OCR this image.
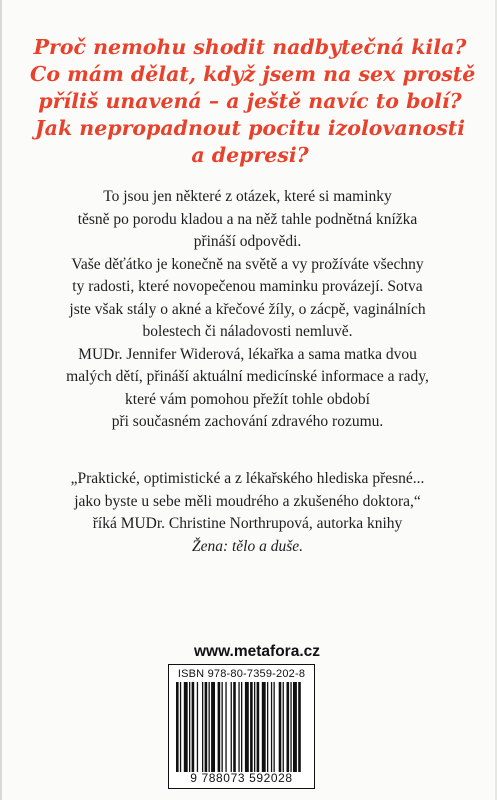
Proč nemohu shodit nadbytečná kila?
Co mám dělat, když jsem na sex prostě
příliš unavená – a ještě navíc to bolí?
Jak nepropadnout pocitu izolovanosti
a depresi?
To jsou jen některé z otázek, které si maminky
těsně po porodu kladou a na něž tahle podnětná knížka
přináší odpovědi.
Vaše děťátko je konečně na světě a vy prožíváte všechny
ty radosti, které novopečenou maminku provázejí. Sotva
jste však stály o akné a křečové žíly, o zácpě, vaginálních
bolestech či náladovosti nemluvě.
MUDr. Jennifer Widerová, lékařka a sama matka dvou
malých dětí, přináší aktuální medicínské informace a rady,
které vám pomohou přežít tohle období
při současném zachování zdravého rozumu.
„Praktické, optimistické a z lékařského hlediska přesné...
jako byste u sebe měli moudrého a zkušeného doktora,“
říká MUDr. Christine Northrupová, autorka knihy
Žena: tělo a duše.
www.metafora.cz
ISBN 978-80-7359-202-8
9 788073 592028
